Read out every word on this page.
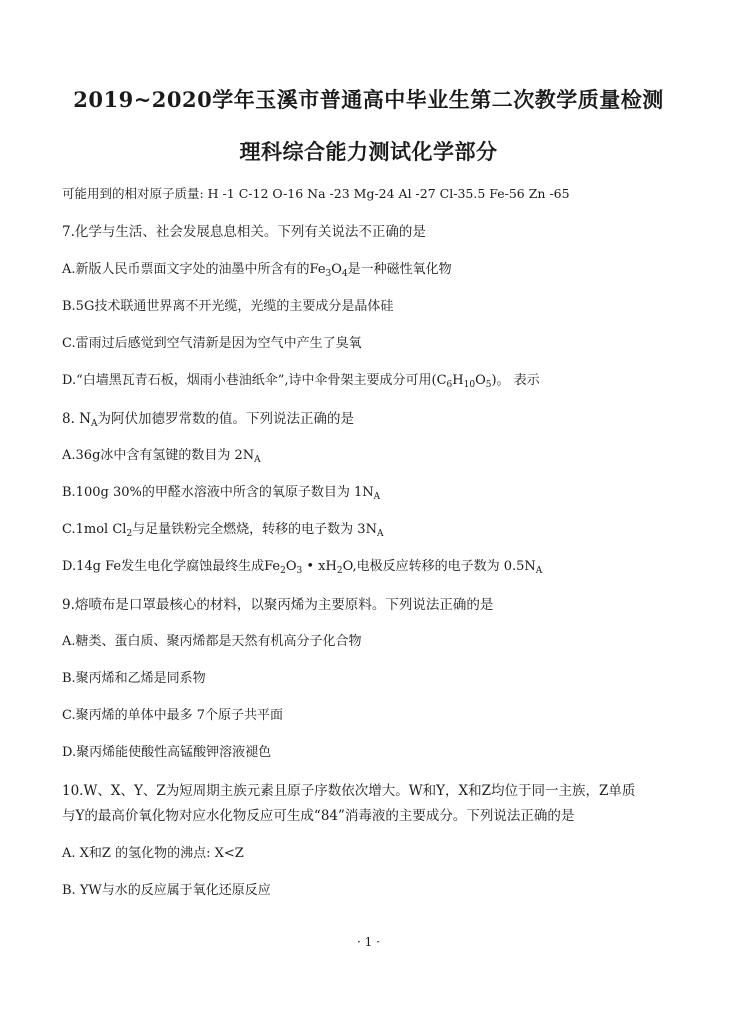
2019~2020学年玉溪市普通高中毕业生第二次教学质量检测
理科综合能力测试化学部分
可能用到的相对原子质量: H -1 C-12 O-16 Na -23 Mg-24 Al -27 Cl-35.5 Fe-56 Zn -65
7.化学与生活、社会发展息息相关。下列有关说法不正确的是
A.新版人民币票面文字处的油墨中所含有的$Fe_3O_4$是一种磁性氧化物
B.5G技术联通世界离不开光缆，光缆的主要成分是晶体硅
C.雷雨过后感觉到空气清新是因为空气中产生了臭氧
D.“白墙黑瓦青石板，烟雨小巷油纸伞”,诗中伞骨架主要成分可用$(C_6H_{10}O_5)$。 表示
8. $N_A$为阿伏加德罗常数的值。下列说法正确的是
A.36g冰中含有氢键的数目为 $2N_A$
B.100g 30%的甲醛水溶液中所含的氧原子数目为 $1N_A$
C.1mol $Cl_2$与足量铁粉完全燃烧，转移的电子数为 $3N_A$
D.14g Fe发生电化学腐蚀最终生成$Fe_2O_3$ • $xH_2O$,电极反应转移的电子数为 $0.5N_A$
9.熔喷布是口罩最核心的材料，以聚丙烯为主要原料。下列说法正确的是
A.糖类、蛋白质、聚丙烯都是天然有机高分子化合物
B.聚丙烯和乙烯是同系物
C.聚丙烯的单体中最多 7个原子共平面
D.聚丙烯能使酸性高锰酸钾溶液褪色
10.W、X、Y、Z为短周期主族元素且原子序数依次增大。W和Y，X和Z均位于同一主族，Z单质
与Y的最高价氧化物对应水化物反应可生成“84”消毒液的主要成分。下列说法正确的是
A. X和Z 的氢化物的沸点: X<Z
B. YW与水的反应属于氧化还原反应
· 1 ·
